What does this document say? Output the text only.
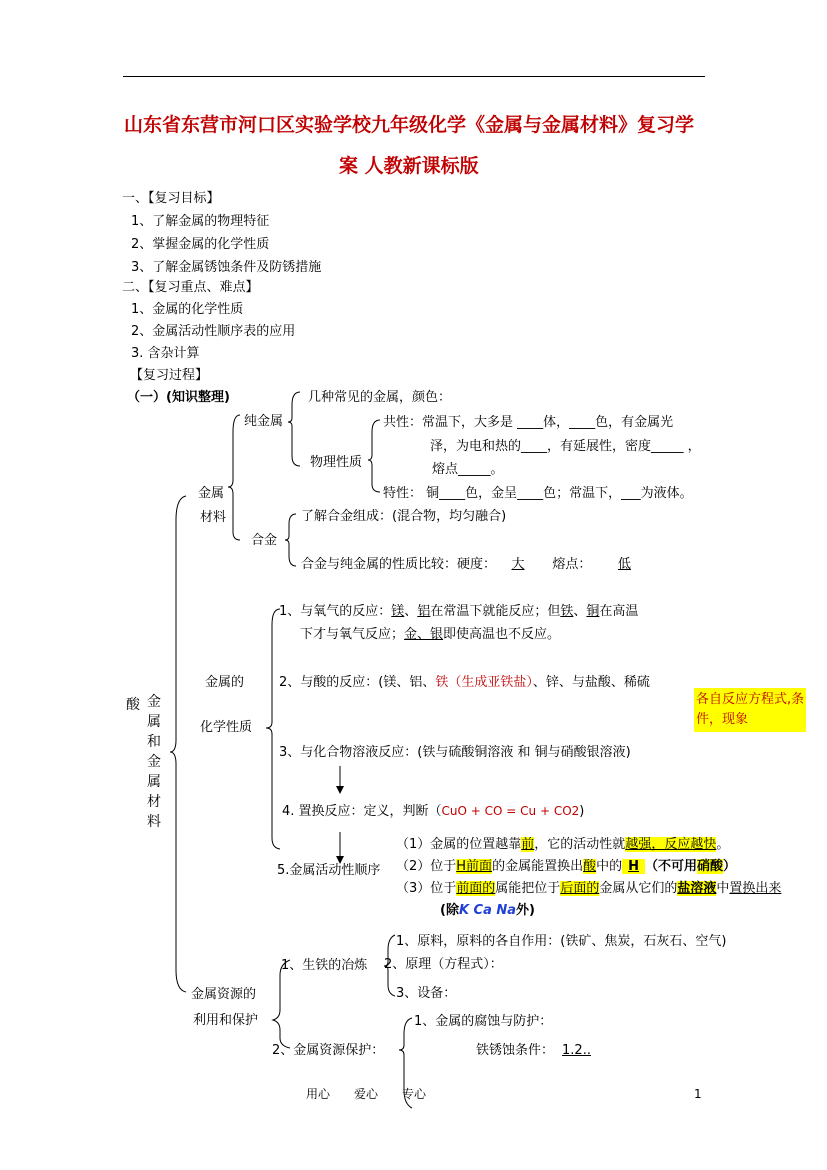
山东省东营市河口区实验学校九年级化学《金属与金属材料》复习学
案 人教新课标版
一、【复习目标】
1、了解金属的物理特征
2、掌握金属的化学性质
3、了解金属锈蚀条件及防锈措施
二、【复习重点、难点】
1、金属的化学性质
2、金属活动性顺序表的应用
3. 含杂计算
【复习过程】
（一）(知识整理)
酸 金
属
和
金
属
材
料
金属
材料
纯金属
几种常见的金属，颜色：
物理性质
共性：常温下，大多是 ____体，____色，有金属光
泽，为电和热的____，有延展性，密度_____ ，
熔点_____。
特性： 铜____色，金呈____色；常温下，___为液体。
合金
了解合金组成：(混合物，均匀融合)
合金与纯金属的性质比较：硬度： 大 熔点： 低
金属的
化学性质
1、与氧气的反应：镁、铝在常温下就能反应；但铁、铜在高温
下才与氧气反应；金、银即使高温也不反应。
2、与酸的反应：(镁、铝、铁（生成亚铁盐）、锌、与盐酸、稀硫
各自反应方程式,条
件，现象
3、与化合物溶液反应：(铁与硫酸铜溶液 和 铜与硝酸银溶液)
4. 置换反应：定义，判断（CuO + CO = Cu + CO2)
5.金属活动性顺序
（1）金属的位置越靠前，它的活动性就越强，反应越快。
（2）位于H前面的金属能置换出酸中的 H （不可用硝酸）
（3）位于前面的属能把位于后面的金属从它们的盐溶液中置换出来
(除K Ca Na外)
金属资源的
利用和保护
1、生铁的冶炼
1、原料，原料的各自作用：(铁矿、焦炭，石灰石、空气)
2、原理（方程式）：
3、设备：
2、金属资源保护：
1、金属的腐蚀与防护：
铁锈蚀条件： 1.2..
用心　　爱心　　专心	1
